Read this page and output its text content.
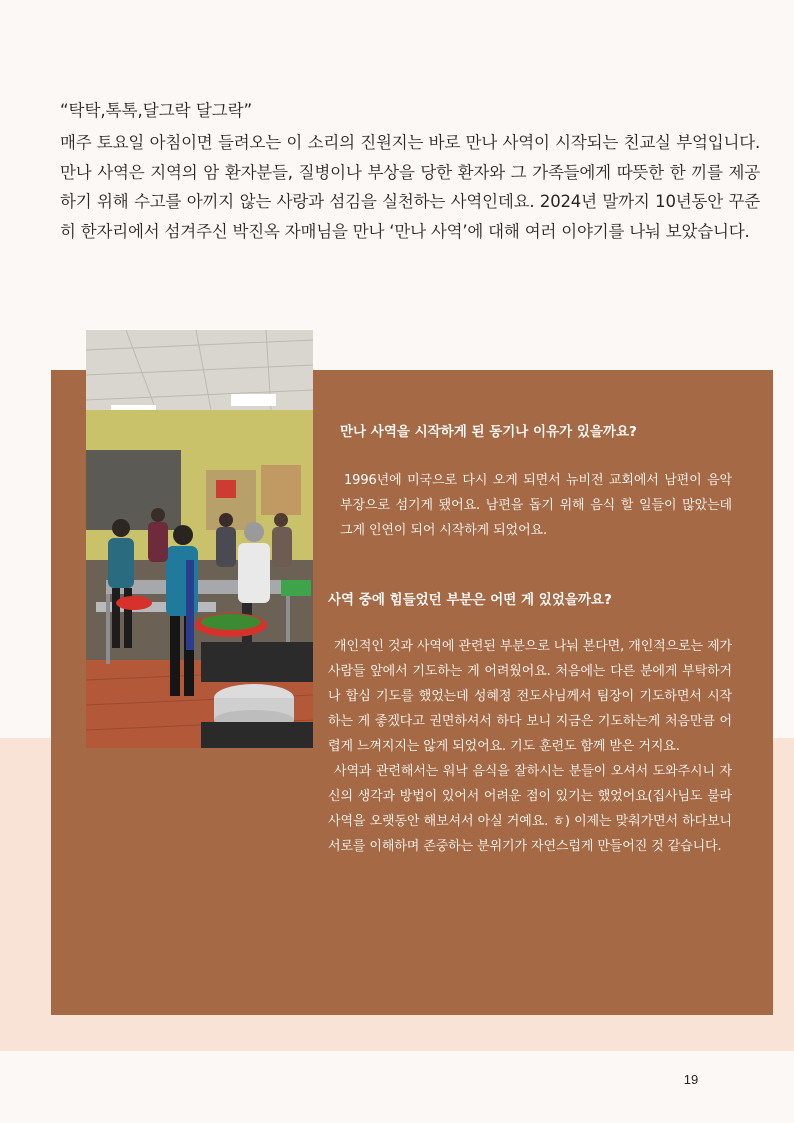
“탁탁,톡톡,달그락 달그락”

매주 토요일 아침이면 들려오는 이 소리의 진원지는 바로 만나 사역이 시작되는 친교실 부엌입니다. 만나 사역은 지역의 암 환자분들, 질병이나 부상을 당한 환자와 그 가족들에게 따뜻한 한 끼를 제공하기 위해 수고를 아끼지 않는 사랑과 섬김을 실천하는 사역인데요. 2024년 말까지 10년동안 꾸준히 한자리에서 섬겨주신 박진옥 자매님을 만나 ‘만나 사역’에 대해 여러 이야기를 나눠 보았습니다.

만나 사역을 시작하게 된 동기나 이유가 있을까요?

1996년에 미국으로 다시 오게 되면서 뉴비전 교회에서 남편이 음악부장으로 섬기게 됐어요. 남편을 돕기 위해 음식 할 일들이 많았는데 그게 인연이 되어 시작하게 되었어요.

사역 중에 힘들었던 부분은 어떤 게 있었을까요?

개인적인 것과 사역에 관련된 부분으로 나눠 본다면, 개인적으로는 제가 사람들 앞에서 기도하는 게 어려웠어요. 처음에는 다른 분에게 부탁하거나 합심 기도를 했었는데 성혜정 전도사님께서 팀장이 기도하면서 시작하는 게 좋겠다고 권면하셔서 하다 보니 지금은 기도하는게 처음만큼 어렵게 느껴지지는 않게 되었어요. 기도 훈련도 함께 받은 거지요.

사역과 관련해서는 워낙 음식을 잘하시는 분들이 오셔서 도와주시니 자신의 생각과 방법이 있어서 어려운 점이 있기는 했었어요(집사님도 불라 사역을 오랫동안 해보셔서 아실 거예요. ㅎ) 이제는 맞춰가면서 하다보니 서로를 이해하며 존중하는 분위기가 자연스럽게 만들어진 것 같습니다.

19
